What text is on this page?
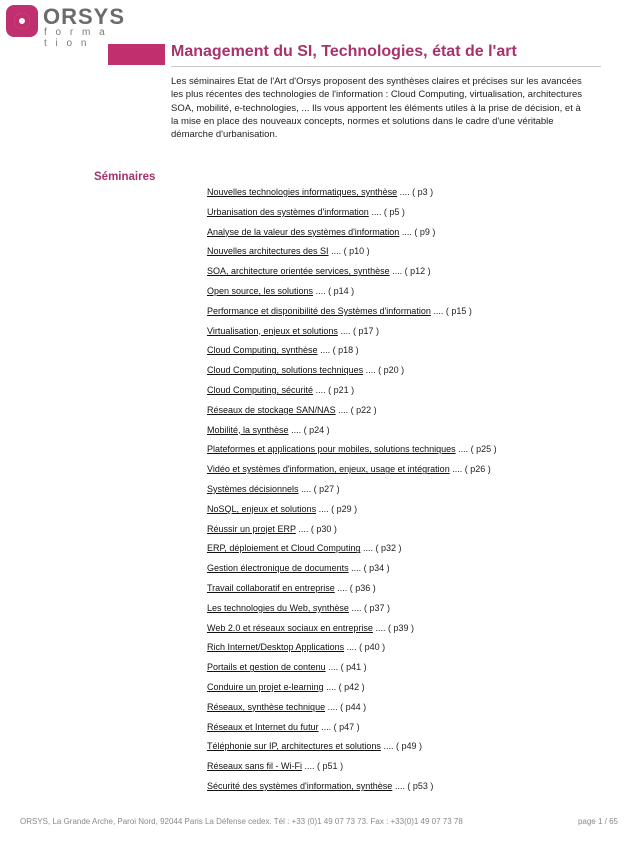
ORSYS
f o r m a t i o n	Management du SI, Technologies, état de l'art

Les séminaires Etat de l'Art d'Orsys proposent des synthèses claires et précises sur les avancées les plus récentes des technologies de l'information : Cloud Computing, virtualisation, architectures SOA, mobilité, e-technologies, ... Ils vous apportent les éléments utiles à la prise de décision, et à la mise en place des nouveaux concepts, normes et solutions dans le cadre d'une véritable démarche d'urbanisation.

Séminaires
Nouvelles technologies informatiques, synthèse .... ( p3 )
Urbanisation des systèmes d'information .... ( p5 )
Analyse de la valeur des systèmes d'information .... ( p9 )
Nouvelles architectures des SI .... ( p10 )
SOA, architecture orientée services, synthèse .... ( p12 )
Open source, les solutions .... ( p14 )
Performance et disponibilité des Systèmes d'information .... ( p15 )
Virtualisation, enjeux et solutions .... ( p17 )
Cloud Computing, synthèse .... ( p18 )
Cloud Computing, solutions techniques .... ( p20 )
Cloud Computing, sécurité .... ( p21 )
Réseaux de stockage SAN/NAS .... ( p22 )
Mobilité, la synthèse .... ( p24 )
Plateformes et applications pour mobiles, solutions techniques .... ( p25 )
Vidéo et systèmes d'information, enjeux, usage et intégration .... ( p26 )
Systèmes décisionnels .... ( p27 )
NoSQL, enjeux et solutions .... ( p29 )
Réussir un projet ERP .... ( p30 )
ERP, déploiement et Cloud Computing .... ( p32 )
Gestion électronique de documents .... ( p34 )
Travail collaboratif en entreprise .... ( p36 )
Les technologies du Web, synthèse .... ( p37 )
Web 2.0 et réseaux sociaux en entreprise .... ( p39 )
Rich Internet/Desktop Applications .... ( p40 )
Portails et gestion de contenu .... ( p41 )
Conduire un projet e-learning .... ( p42 )
Réseaux, synthèse technique .... ( p44 )
Réseaux et Internet du futur .... ( p47 )
Téléphonie sur IP, architectures et solutions .... ( p49 )
Réseaux sans fil - Wi-Fi .... ( p51 )
Sécurité des systèmes d'information, synthèse .... ( p53 )
ORSYS, La Grande Arche, Paroi Nord, 92044 Paris La Défense cedex. Tél : +33 (0)1 49 07 73 73. Fax : +33(0)1 49 07 73 78	page 1 / 65
